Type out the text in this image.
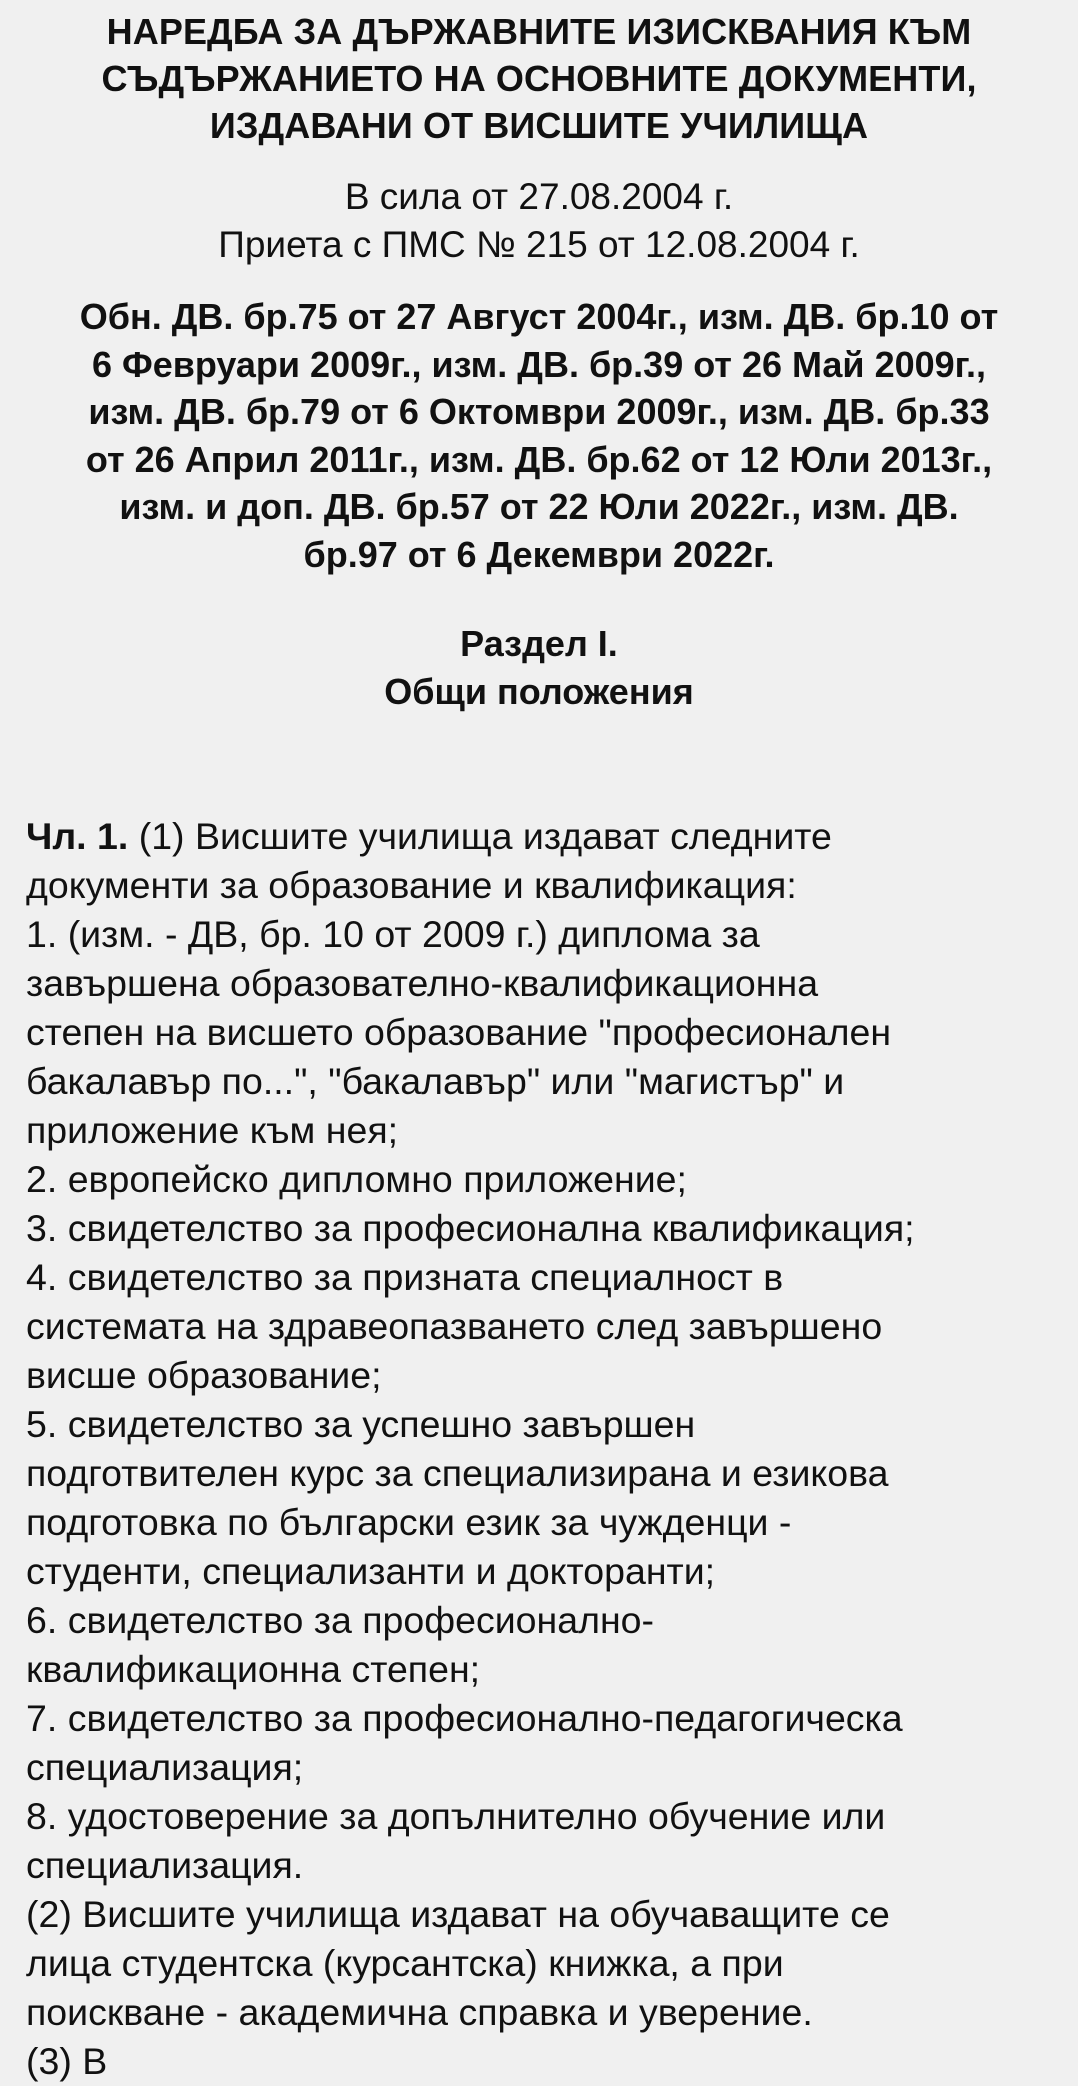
НАРЕДБА ЗА ДЪРЖАВНИТЕ ИЗИСКВАНИЯ КЪМ
СЪДЪРЖАНИЕТО НА ОСНОВНИТЕ ДОКУМЕНТИ,
ИЗДАВАНИ ОТ ВИСШИТЕ УЧИЛИЩА
В сила от 27.08.2004 г.
Приета с ПМС № 215 от 12.08.2004 г.
Обн. ДВ. бр.75 от 27 Август 2004г., изм. ДВ. бр.10 от
6 Февруари 2009г., изм. ДВ. бр.39 от 26 Май 2009г.,
изм. ДВ. бр.79 от 6 Октомври 2009г., изм. ДВ. бр.33
от 26 Април 2011г., изм. ДВ. бр.62 от 12 Юли 2013г.,
изм. и доп. ДВ. бр.57 от 22 Юли 2022г., изм. ДВ.
бр.97 от 6 Декември 2022г.
Раздел I.
Общи положения
Чл. 1. (1) Висшите училища издават следните
документи за образование и квалификация:
1. (изм. - ДВ, бр. 10 от 2009 г.) диплома за
завършена образователно-квалификационна
степен на висшето образование "професионален
бакалавър по...", "бакалавър" или "магистър" и
приложение към нея;
2. европейско дипломно приложение;
3. свидетелство за професионална квалификация;
4. свидетелство за призната специалност в
системата на здравеопазването след завършено
висше образование;
5. свидетелство за успешно завършен
подготвителен курс за специализирана и езикова
подготовка по български език за чужденци -
студенти, специализанти и докторанти;
6. свидетелство за професионално-
квалификационна степен;
7. свидетелство за професионално-педагогическа
специализация;
8. удостоверение за допълнително обучение или
специализация.
(2) Висшите училища издават на обучаващите се
лица студентска (курсантска) книжка, а при
поискване - академична справка и уверение.
(3) В
